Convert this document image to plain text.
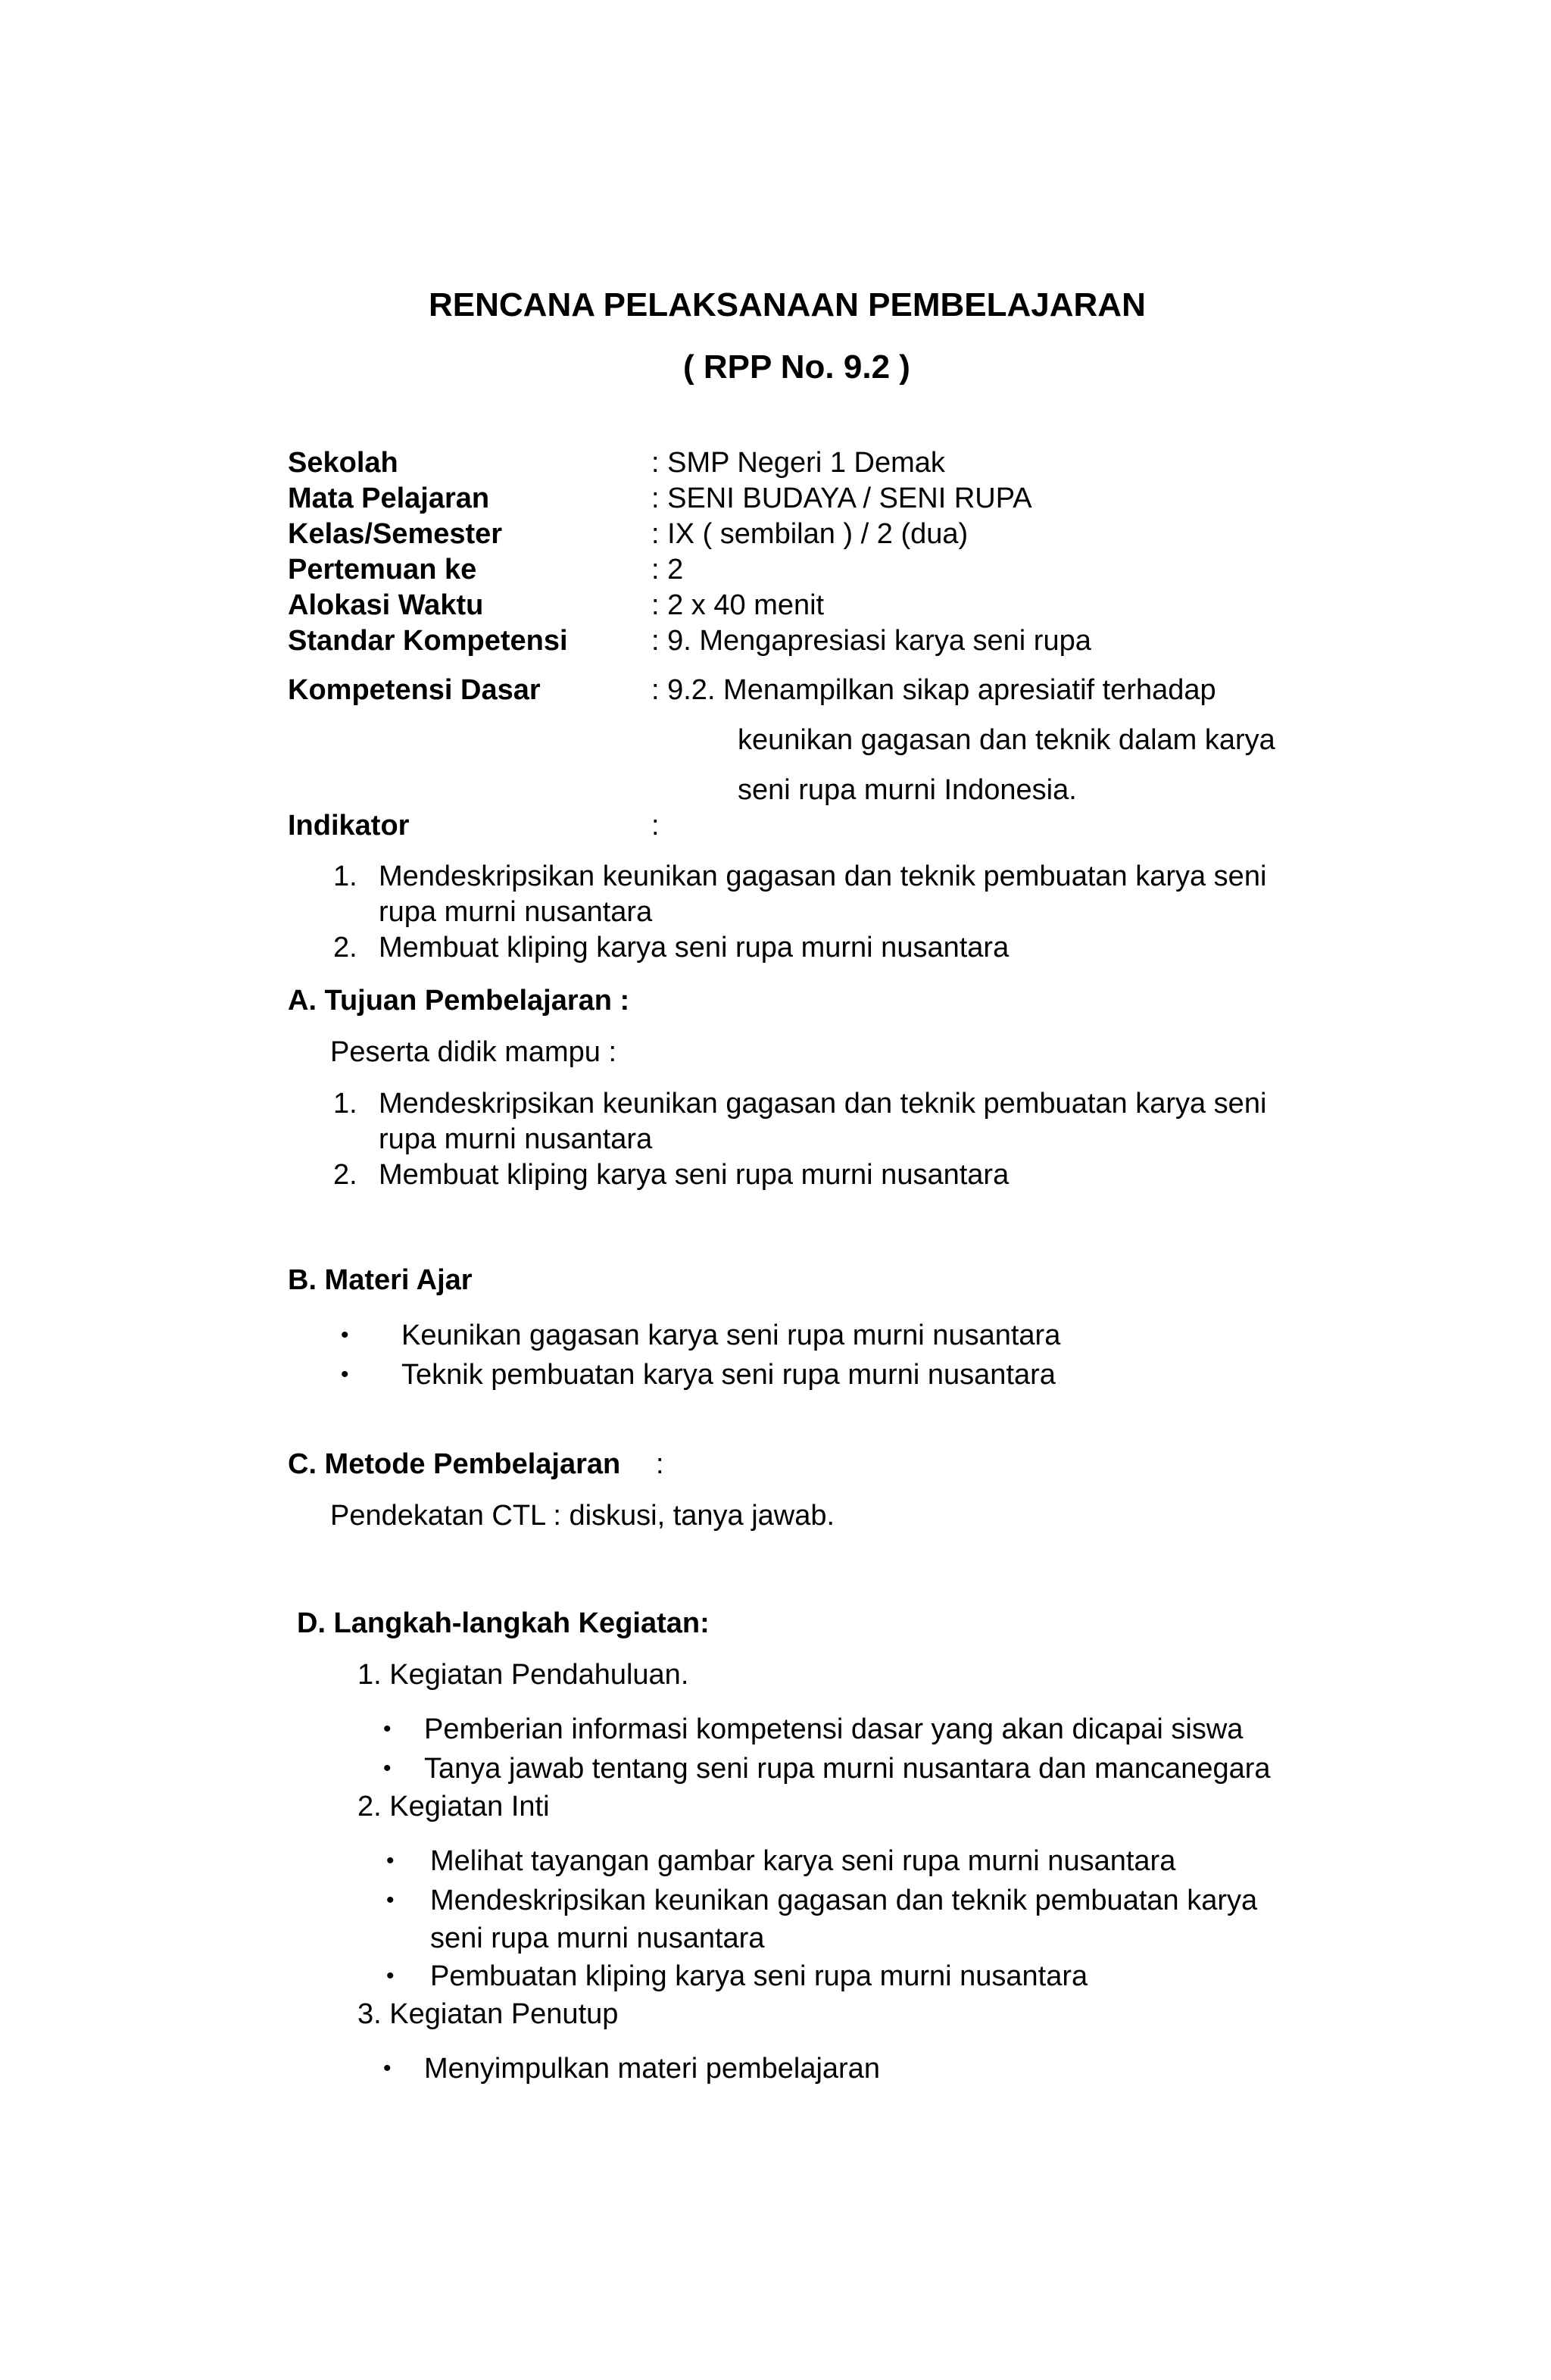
RENCANA PELAKSANAAN PEMBELAJARAN
( RPP No. 9.2 )
Sekolah	: SMP Negeri 1 Demak
Mata Pelajaran	: SENI BUDAYA / SENI RUPA
Kelas/Semester	: IX ( sembilan ) / 2 (dua)
Pertemuan ke	: 2
Alokasi Waktu	: 2 x 40 menit
Standar Kompetensi	: 9. Mengapresiasi karya seni rupa
Kompetensi Dasar	: 9.2. Menampilkan sikap apresiatif terhadap
keunikan gagasan dan teknik dalam karya
seni rupa murni Indonesia.
Indikator	:
1. Mendeskripsikan keunikan gagasan dan teknik pembuatan karya seni
rupa murni nusantara
2. Membuat kliping karya seni rupa murni nusantara
A. Tujuan Pembelajaran :
Peserta didik mampu :
1. Mendeskripsikan keunikan gagasan dan teknik pembuatan karya seni
rupa murni nusantara
2. Membuat kliping karya seni rupa murni nusantara
B. Materi Ajar
• Keunikan gagasan karya seni rupa murni nusantara
• Teknik pembuatan karya seni rupa murni nusantara
C. Metode Pembelajaran :
Pendekatan CTL : diskusi, tanya jawab.
D. Langkah-langkah Kegiatan:
1. Kegiatan Pendahuluan.
• Pemberian informasi kompetensi dasar yang akan dicapai siswa
• Tanya jawab tentang seni rupa murni nusantara dan mancanegara
2. Kegiatan Inti
• Melihat tayangan gambar karya seni rupa murni nusantara
• Mendeskripsikan keunikan gagasan dan teknik pembuatan karya
seni rupa murni nusantara
• Pembuatan kliping karya seni rupa murni nusantara
3. Kegiatan Penutup
• Menyimpulkan materi pembelajaran
